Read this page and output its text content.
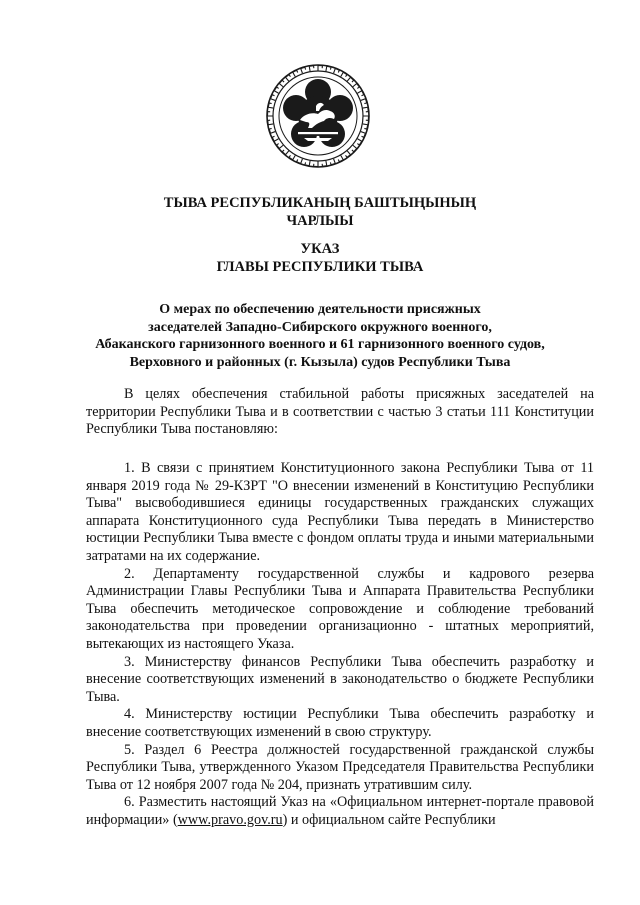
ТЫВА РЕСПУБЛИКАНЫҢ БАШТЫҢЫНЫҢ
ЧАРЛЫЫ
УКАЗ
ГЛАВЫ РЕСПУБЛИКИ ТЫВА
О мерах по обеспечению деятельности присяжных
заседателей Западно-Сибирского окружного военного,
Абаканского гарнизонного военного и 61 гарнизонного военного судов,
Верховного и районных (г. Кызыла) судов Республики Тыва

В целях обеспечения стабильной работы присяжных заседателей на территории Республики Тыва и в соответствии с частью 3 статьи 111 Конституции Республики Тыва постановляю:

1. В связи с принятием Конституционного закона Республики Тыва от 11 января 2019 года № 29-КЗРТ "О внесении изменений в Конституцию Республики Тыва" высвободившиеся единицы государственных гражданских служащих аппарата Конституционного суда Республики Тыва передать в Министерство юстиции Республики Тыва вместе с фондом оплаты труда и иными материальными затратами на их содержание.

2. Департаменту государственной службы и кадрового резерва Администрации Главы Республики Тыва и Аппарата Правительства Республики Тыва обеспечить методическое сопровождение и соблюдение требований законодательства при проведении организационно - штатных мероприятий, вытекающих из настоящего Указа.

3. Министерству финансов Республики Тыва обеспечить разработку и внесение соответствующих изменений в законодательство о бюджете Республики Тыва.

4. Министерству юстиции Республики Тыва обеспечить разработку и внесение соответствующих изменений в свою структуру.

5. Раздел 6 Реестра должностей государственной гражданской службы Республики Тыва, утвержденного Указом Председателя Правительства Республики Тыва от 12 ноября 2007 года № 204, признать утратившим силу.

6. Разместить настоящий Указ на «Официальном интернет-портале правовой информации» (www.pravo.gov.ru) и официальном сайте Республики
